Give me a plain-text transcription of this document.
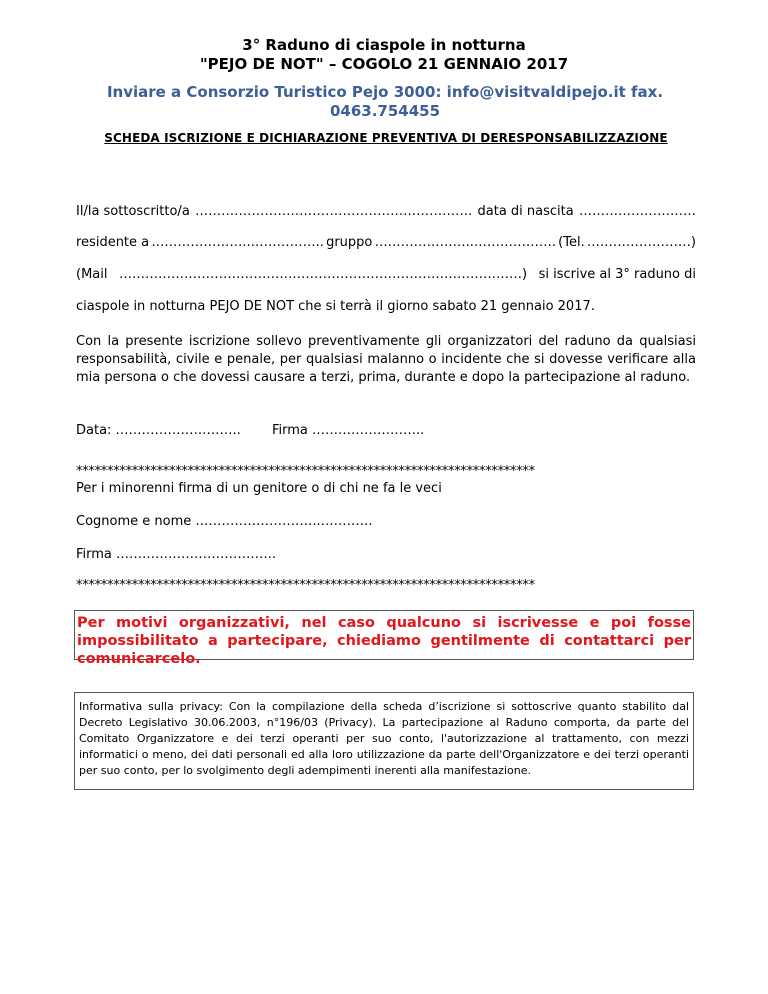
3° Raduno di ciaspole in notturna
"PEJO DE NOT" – COGOLO 21 GENNAIO 2017
Inviare a Consorzio Turistico Pejo 3000: info@visitvaldipejo.it fax.
0463.754455
SCHEDA ISCRIZIONE E DICHIARAZIONE PREVENTIVA DI DERESPONSABILIZZAZIONE
Il/la sottoscritto/a ………………………………………………………. data di nascita ………………………
residente a …………………..…………….. gruppo …………………..………………. (Tel. ……………………)
(Mail …………………………………………………………………………………) si iscrive al 3° raduno di
ciaspole in notturna PEJO DE NOT che si terrà il giorno sabato 21 gennaio 2017.
Con la presente iscrizione sollevo preventivamente gli organizzatori del raduno da qualsiasi responsabilità, civile e penale, per qualsiasi malanno o incidente che si dovesse verificare alla mia persona o che dovessi causare a terzi, prima, durante e dopo la partecipazione al raduno.
Data: ……………………….. Firma ……………………..
**************************************************************************
Per i minorenni firma di un genitore o di chi ne fa le veci
Cognome e nome ………………………..…………
Firma ……………………………….
**************************************************************************
Per motivi organizzativi, nel caso qualcuno si iscrivesse e poi fosse impossibilitato a partecipare, chiediamo gentilmente di contattarci per comunicarcelo.
Informativa sulla privacy: Con la compilazione della scheda d’iscrizione si sottoscrive quanto stabilito dal Decreto Legislativo 30.06.2003, n°196/03 (Privacy). La partecipazione al Raduno comporta, da parte del Comitato Organizzatore e dei terzi operanti per suo conto, l'autorizzazione al trattamento, con mezzi informatici o meno, dei dati personali ed alla loro utilizzazione da parte dell'Organizzatore e dei terzi operanti per suo conto, per lo svolgimento degli adempimenti inerenti alla manifestazione.
